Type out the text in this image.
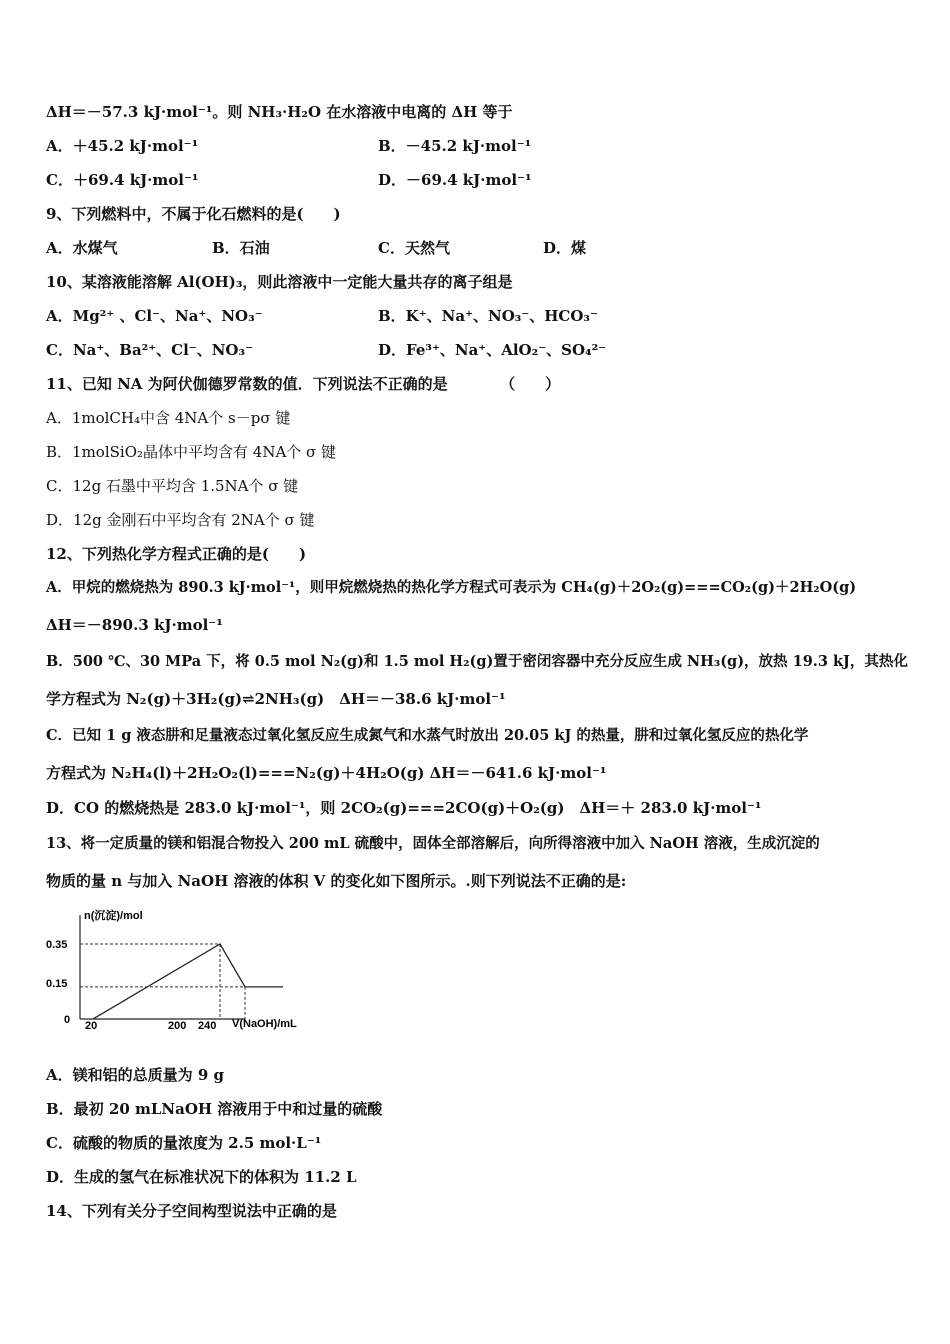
ΔH＝－57.3 kJ·mol⁻¹。则 NH₃·H₂O 在水溶液中电离的 ΔH 等于
A．＋45.2 kJ·mol⁻¹	B．－45.2 kJ·mol⁻¹
C．＋69.4 kJ·mol⁻¹	D．－69.4 kJ·mol⁻¹
9、下列燃料中，不属于化石燃料的是(　　)
A．水煤气	B．石油	C．天然气	D．煤
10、某溶液能溶解 Al(OH)₃，则此溶液中一定能大量共存的离子组是
A．Mg²⁺ 、Cl⁻、Na⁺、NO₃⁻	B．K⁺、Na⁺、NO₃⁻、HCO₃⁻
C．Na⁺、Ba²⁺、Cl⁻、NO₃⁻	D．Fe³⁺、Na⁺、AlO₂⁻、SO₄²⁻
11、已知 NA 为阿伏伽德罗常数的值．下列说法不正确的是　　　　（　　）
A．1molCH₄中含 4NA个 s－pσ 键
B．1molSiO₂晶体中平均含有 4NA个 σ 键
C．12g 石墨中平均含 1.5NA个 σ 键
D．12g 金刚石中平均含有 2NA个 σ 键
12、下列热化学方程式正确的是(　　)
A．甲烷的燃烧热为 890.3 kJ·mol⁻¹，则甲烷燃烧热的热化学方程式可表示为 CH₄(g)＋2O₂(g)===CO₂(g)＋2H₂O(g)
ΔH＝－890.3 kJ·mol⁻¹
B．500 ℃、30 MPa 下，将 0.5 mol N₂(g)和 1.5 mol H₂(g)置于密闭容器中充分反应生成 NH₃(g)，放热 19.3 kJ，其热化
学方程式为 N₂(g)＋3H₂(g)⇌2NH₃(g)　ΔH＝－38.6 kJ·mol⁻¹
C．已知 1 g 液态肼和足量液态过氧化氢反应生成氮气和水蒸气时放出 20.05 kJ 的热量，肼和过氧化氢反应的热化学
方程式为 N₂H₄(l)＋2H₂O₂(l)===N₂(g)＋4H₂O(g) ΔH＝－641.6 kJ·mol⁻¹
D．CO 的燃烧热是 283.0 kJ·mol⁻¹，则 2CO₂(g)===2CO(g)＋O₂(g)　ΔH＝＋ 283.0 kJ·mol⁻¹
13、将一定质量的镁和铝混合物投入 200 mL 硫酸中，固体全部溶解后，向所得溶液中加入 NaOH 溶液，生成沉淀的
物质的量 n 与加入 NaOH 溶液的体积 V 的变化如下图所示。.则下列说法不正确的是:
n(沉淀)/mol
V(NaOH)/mL
0.35
0.15
0 20	200 240
A．镁和铝的总质量为 9 g
B．最初 20 mLNaOH 溶液用于中和过量的硫酸
C．硫酸的物质的量浓度为 2.5 mol·L⁻¹
D．生成的氢气在标准状况下的体积为 11.2 L
14、下列有关分子空间构型说法中正确的是
